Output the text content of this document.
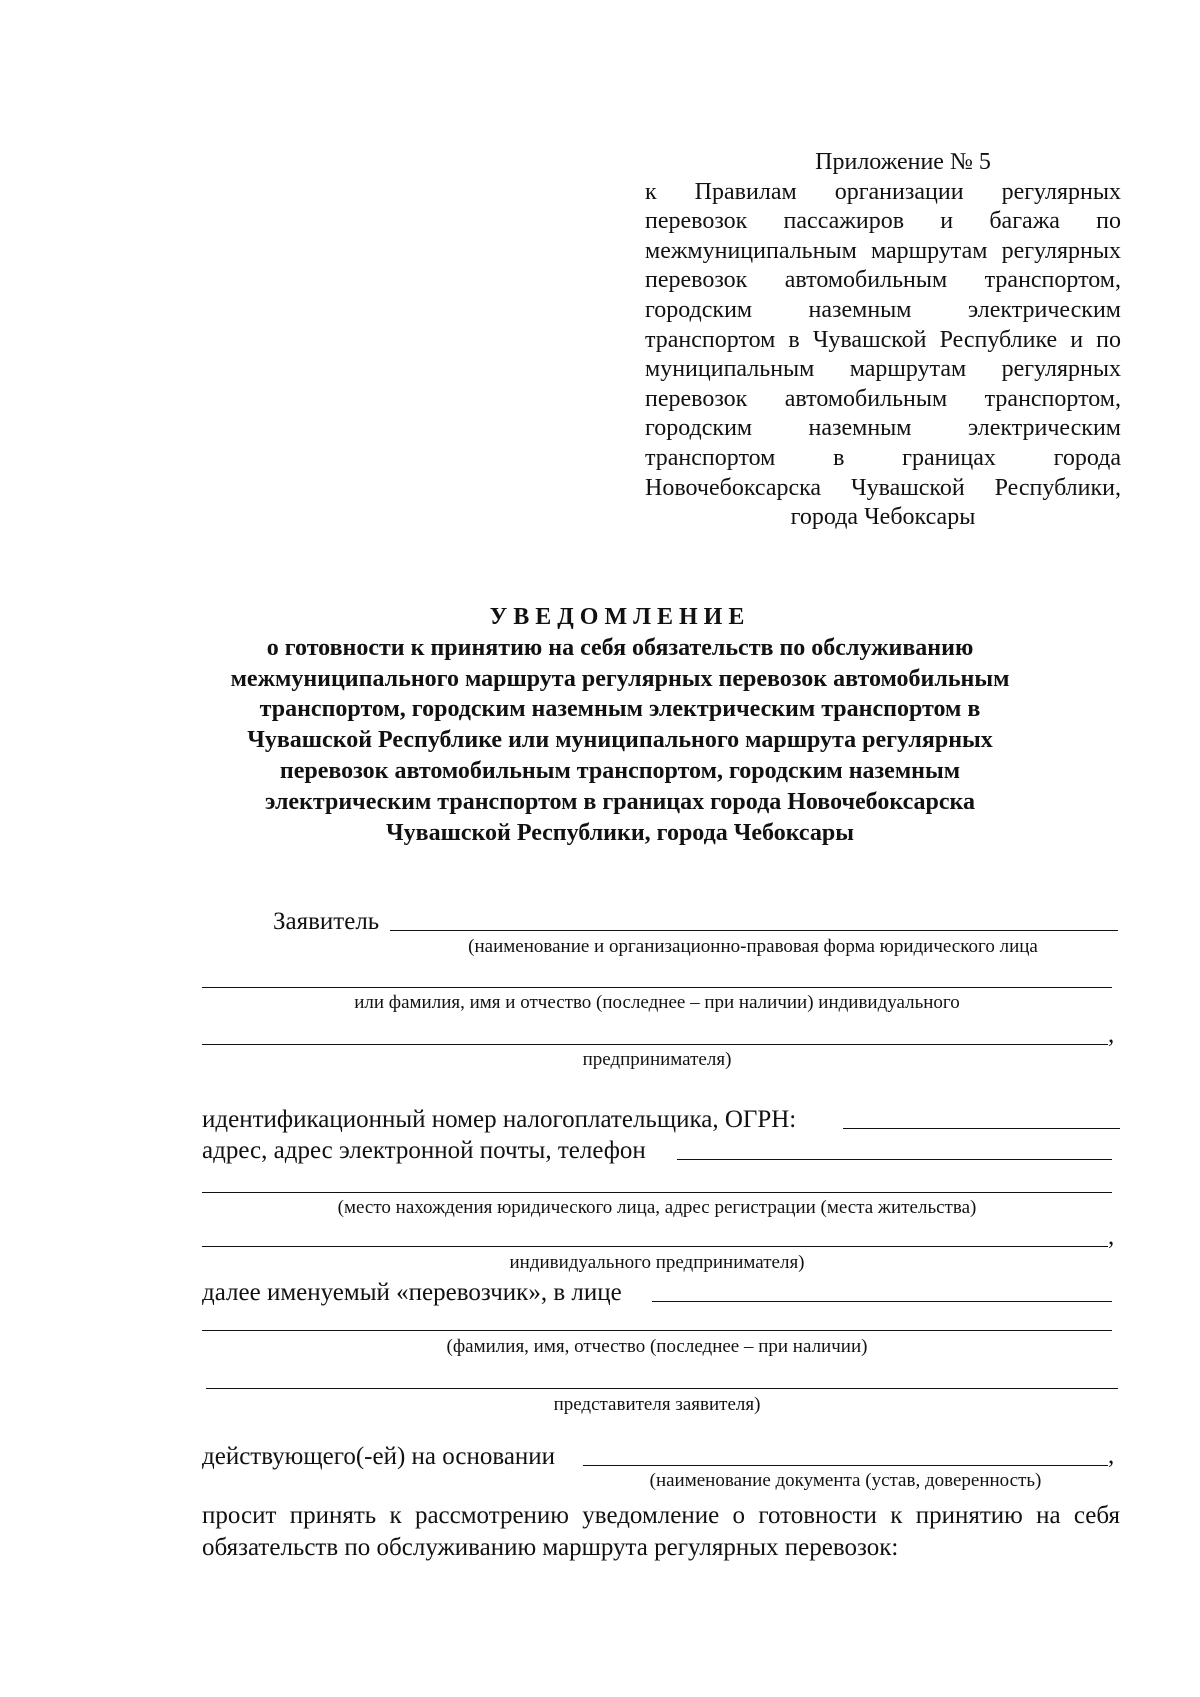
Приложение № 5
к Правилам организации регулярных перевозок пассажиров и багажа по межмуниципальным маршрутам регулярных перевозок автомобильным транспортом, городским наземным электрическим транспортом в Чувашской Республике и по муниципальным маршрутам регулярных перевозок автомобильным транспортом, городским наземным электрическим транспортом в границах города Новочебоксарска Чувашской Республики, города Чебоксары
УВЕДОМЛЕНИЕ
о готовности к принятию на себя обязательств по обслуживанию
межмуниципального маршрута регулярных перевозок автомобильным
транспортом, городским наземным электрическим транспортом в
Чувашской Республике или муниципального маршрута регулярных
перевозок автомобильным транспортом, городским наземным
электрическим транспортом в границах города Новочебоксарска
Чувашской Республики, города Чебоксары
Заявитель
(наименование и организационно-правовая форма юридического лица
или фамилия, имя и отчество (последнее – при наличии) индивидуального
,
предпринимателя)
идентификационный номер налогоплательщика, ОГРН:
адрес, адрес электронной почты, телефон
(место нахождения юридического лица, адрес регистрации (места жительства)
,
индивидуального предпринимателя)
далее именуемый «перевозчик», в лице
(фамилия, имя, отчество (последнее – при наличии)
представителя заявителя)
действующего(-ей) на основании	,
(наименование документа (устав, доверенность)
просит принять к рассмотрению уведомление о готовности к принятию на себя обязательств по обслуживанию маршрута регулярных перевозок:
